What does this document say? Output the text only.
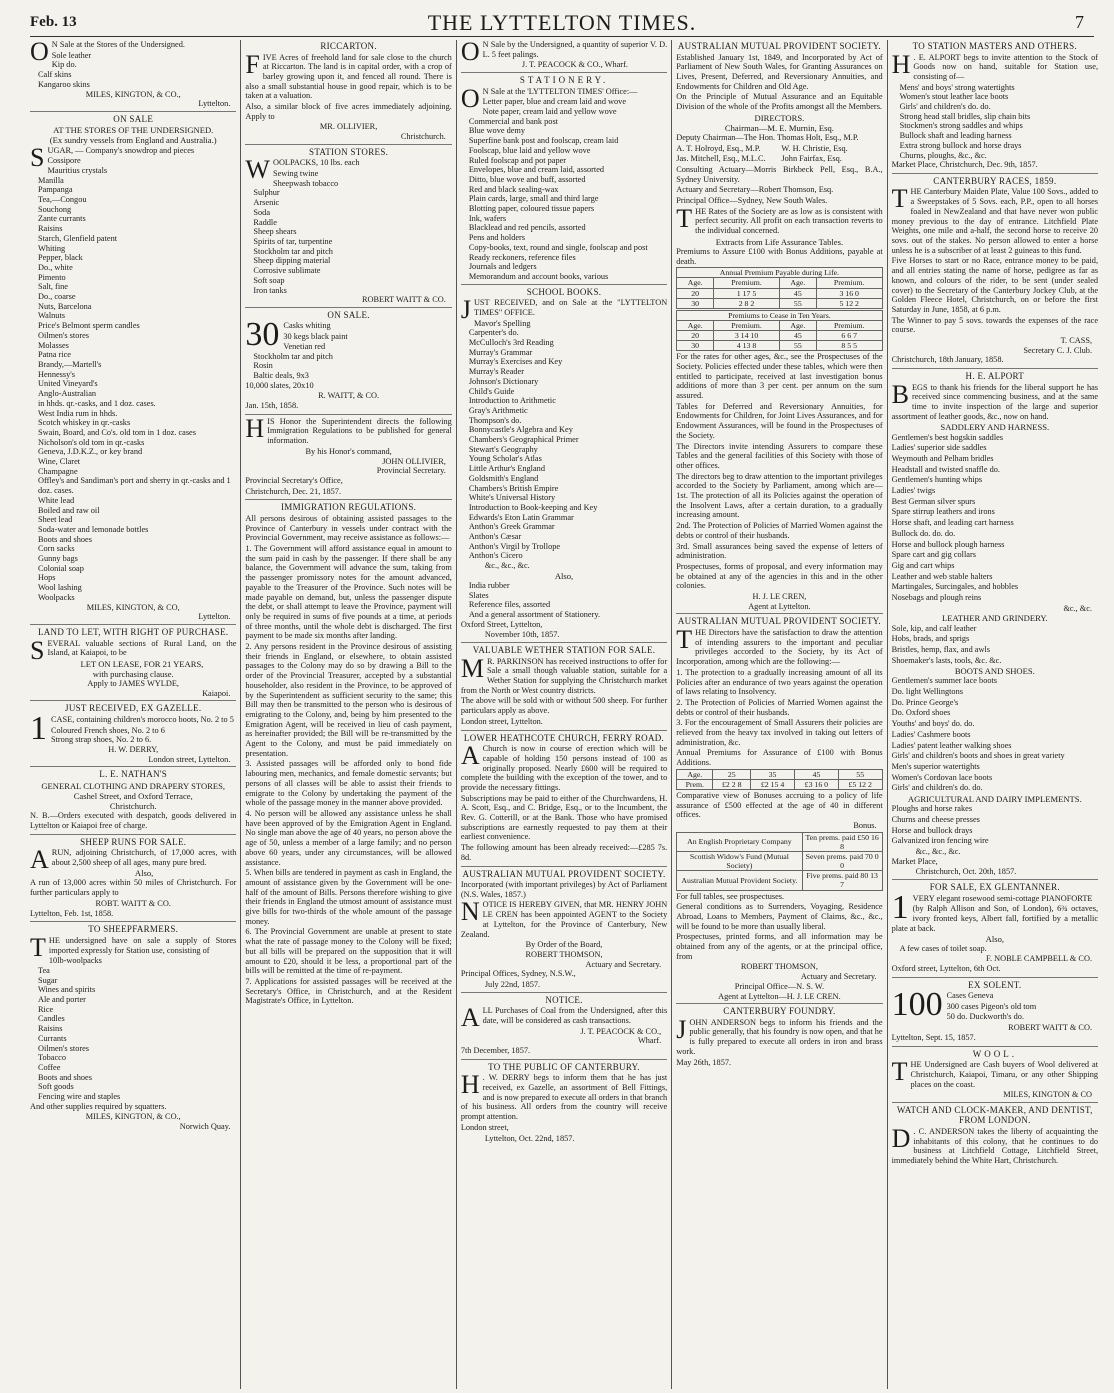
Feb. 13	THE LYTTELTON TIMES.	7
O N Sale at the Stores of the Undersigned.

Sole leather

Kip do.

Calf skins

Kangaroo skins

MILES, KINGTON, & CO.,

Lyttelton.

ON SALE
AT THE STORES OF THE UNDERSIGNED.
(Ex sundry vessels from England and Australia.)
S UGAR, — Company's snowdrop and pieces

Cossipore

Mauritius crystals

Manilla

Pampanga

Tea,—Congou

Souchong

Zante currants

Raisins

Starch, Glenfield patent

Whiting

Pepper, black

Do., white

Pimento

Salt, fine

Do., coarse

Nuts, Barcelona

Walnuts

Price's Belmont sperm candles

Oilmen's stores

Molasses

Patna rice

Brandy,—Martell's

Hennessy's

United Vineyard's

Anglo-Australian

in hhds. qr.-casks, and 1 doz. cases.

West India rum in hhds.

Scotch whiskey in qr.-casks

Swain, Board, and Co's. old tom in 1 doz. cases

Nicholson's old tom in qr.-casks

Geneva, J.D.K.Z., or key brand

Wine, Claret

Champagne

Offley's and Sandiman's port and sherry in qr.-casks and 1 doz. cases.

White lead

Boiled and raw oil

Sheet lead

Soda-water and lemonade bottles

Boots and shoes

Corn sacks

Gunny bags

Colonial soap

Hops

Wool lashing

Woolpacks

MILES, KINGTON, & CO,

Lyttelton.

LAND TO LET, WITH RIGHT OF PURCHASE.
S EVERAL valuable sections of Rural Land, on the Island, at Kaiapoi, to be

LET ON LEASE, FOR 21 YEARS,
with purchasing clause.

Apply to JAMES WYLDE,

Kaiapoi.

JUST RECEIVED, EX GAZELLE.
1 CASE, containing children's morocco boots, No. 2 to 5

Coloured French shoes, No. 2 to 6

Strong strap shoes, No. 2 to 6.

H. W. DERRY,

London street, Lyttelton.

L. E. NATHAN'S
GENERAL CLOTHING AND DRAPERY STORES,
Cashel Street, and Oxford Terrace,
Christchurch.

N. B.—Orders executed with despatch, goods delivered in Lyttelton or Kaiapoi free of charge.

SHEEP RUNS FOR SALE.
A RUN, adjoining Christchurch, of 17,000 acres, with about 2,500 sheep of all ages, many pure bred.

Also,

A run of 13,000 acres within 50 miles of Christchurch. For further particulars apply to

ROBT. WAITT & CO.

Lyttelton, Feb. 1st, 1858.

TO SHEEPFARMERS.
T HE undersigned have on sale a supply of Stores imported expressly for Station use, consisting of

10lb-woolpacks

Tea

Sugar

Wines and spirits

Ale and porter

Rice

Candles

Raisins

Currants

Oilmen's stores

Tobacco

Coffee

Boots and shoes

Soft goods

Fencing wire and staples

And other supplies required by squatters.

MILES, KINGTON, & CO.,

Norwich Quay.

RICCARTON.
F IVE Acres of freehold land for sale close to the church at Riccarton. The land is in capital order, with a crop of barley growing upon it, and fenced all round. There is also a small substantial house in good repair, which is to be taken at a valuation.

Also, a similar block of five acres immediately adjoining. Apply to

MR. OLLIVIER,

Christchurch.

STATION STORES.
W OOLPACKS, 10 lbs. each

Sewing twine

Sheepwash tobacco

Sulphur

Arsenic

Soda

Raddle

Sheep shears

Spirits of tar, turpentine

Stockholm tar and pitch

Sheep dipping material

Corrosive sublimate

Soft soap

Iron tanks

ROBERT WAITT & CO.

ON SALE.
30 Casks whiting

30 kegs black paint

Venetian red

Stockholm tar and pitch

Rosin

Baltic deals, 9x3

10,000 slates, 20x10

R. WAITT, & CO.

Jan. 15th, 1858.

H IS Honor the Superintendent directs the following Immigration Regulations to be published for general information.

By his Honor's command,

JOHN OLLIVIER,

Provincial Secretary.

Provincial Secretary's Office,

Christchurch, Dec. 21, 1857.

IMMIGRATION REGULATIONS.

All persons desirous of obtaining assisted passages to the Province of Canterbury in vessels under contract with the Provincial Government, may receive assistance as follows:—

1. The Government will afford assistance equal in amount to the sum paid in cash by the passenger. If there shall be any balance, the Government will advance the sum, taking from the passenger promissory notes for the amount advanced, payable to the Treasurer of the Province. Such notes will be made payable on demand, but, unless the passenger dispute the debt, or shall attempt to leave the Province, payment will only be required in sums of five pounds at a time, at periods of three months, until the whole debt is discharged. The first payment to be made six months after landing.

2. Any persons resident in the Province desirous of assisting their friends in England, or elsewhere, to obtain assisted passages to the Colony may do so by drawing a Bill to the order of the Provincial Treasurer, accepted by a substantial householder, also resident in the Province, to be approved of by the Superintendent as sufficient security to the same; this Bill may then be transmitted to the person who is desirous of emigrating to the Colony, and, being by him presented to the Emigration Agent, will be received in lieu of cash payment, as hereinafter provided; the Bill will be re-transmitted by the Agent to the Colony, and must be paid immediately on presentation.

3. Assisted passages will be afforded only to bond fide labouring men, mechanics, and female domestic servants; but persons of all classes will be able to assist their friends to emigrate to the Colony by undertaking the payment of the whole of the passage money in the manner above provided.

4. No person will be allowed any assistance unless he shall have been approved of by the Emigration Agent in England. No single man above the age of 40 years, no person above the age of 50, unless a member of a large family; and no person above 60 years, under any circumstances, will be allowed assistance.

5. When bills are tendered in payment as cash in England, the amount of assistance given by the Government will be one-half of the amount of Bills. Persons therefore wishing to give their friends in England the utmost amount of assistance must give bills for two-thirds of the whole amount of the passage money.

6. The Provincial Government are unable at present to state what the rate of passage money to the Colony will be fixed; but all bills will be prepared on the supposition that it will amount to £20, should it be less, a proportional part of the bills will be remitted at the time of re-payment.

7. Applications for assisted passages will be received at the Secretary's Office, in Christchurch, and at the Resident Magistrate's Office, in Lyttelton.

O N Sale by the Undersigned, a quantity of superior V. D. L. 5 feet palings.

J. T. PEACOCK & CO., Wharf.

STATIONERY.
O N Sale at the 'LYTTELTON TIMES' Office:—

Letter paper, blue and cream laid and wove

Note paper, cream laid and yellow wove

Commercial and bank post

Blue wove demy

Superfine bank post and foolscap, cream laid

Foolscap, blue laid and yellow wove

Ruled foolscap and pot paper

Envelopes, blue and cream laid, assorted

Ditto, blue wove and buff, assorted

Red and black sealing-wax

Plain cards, large, small and third large

Blotting paper, coloured tissue papers

Ink, wafers

Blacklead and red pencils, assorted

Pens and holders

Copy-books, text, round and single, foolscap and post

Ready reckoners, reference files

Journals and ledgers

Memorandum and account books, various

SCHOOL BOOKS.
J UST RECEIVED, and on Sale at the "LYTTELTON TIMES" OFFICE.

Mavor's Spelling

Carpenter's do.

McCulloch's 3rd Reading

Murray's Grammar

Murray's Exercises and Key

Murray's Reader

Johnson's Dictionary

Child's Guide

Introduction to Arithmetic

Gray's Arithmetic

Thompson's do.

Bonnycastle's Algebra and Key

Chambers's Geographical Primer

Stewart's Geography

Young Scholar's Atlas

Little Arthur's England

Goldsmith's England

Chambers's British Empire

White's Universal History

Introduction to Book-keeping and Key

Edwards's Eton Latin Grammar

Anthon's Greek Grammar

Anthon's Cæsar

Anthon's Virgil by Trollope

Anthon's Cicero

&c., &c., &c.

Also,

India rubber

Slates

Reference files, assorted

And a general assortment of Stationery.

Oxford Street, Lyttelton,

November 10th, 1857.

VALUABLE WETHER STATION FOR SALE.
M R. PARKINSON has received instructions to offer for Sale a small though valuable station, suitable for a Wether Station for supplying the Christchurch market from the North or West country districts.

The above will be sold with or without 500 sheep. For further particulars apply as above.

London street, Lyttelton.

LOWER HEATHCOTE CHURCH, FERRY ROAD.
A Church is now in course of erection which will be capable of holding 150 persons instead of 100 as originally proposed. Nearly £600 will be required to complete the building with the exception of the tower, and to provide the necessary fittings.

Subscriptions may be paid to either of the Churchwardens, H. A. Scott, Esq., and C. Bridge, Esq., or to the Incumbent, the Rev. G. Cotterill, or at the Bank. Those who have promised subscriptions are earnestly requested to pay them at their earliest convenience.

The following amount has been already received:—£285 7s. 8d.

AUSTRALIAN MUTUAL PROVIDENT SOCIETY.

Incorporated (with important privileges) by Act of Parliament (N.S. Wales, 1857.)

N OTICE IS HEREBY GIVEN, that MR. HENRY JOHN LE CREN has been appointed AGENT to the Society at Lyttelton, for the Province of Canterbury, New Zealand.

By Order of the Board,

ROBERT THOMSON,

Actuary and Secretary.

Principal Offices, Sydney, N.S.W.,

July 22nd, 1857.

NOTICE.
A LL Purchases of Coal from the Undersigned, after this date, will be considered as cash transactions.

J. T. PEACOCK & CO.,

Wharf.

7th December, 1857.

TO THE PUBLIC OF CANTERBURY.
H . W. DERRY begs to inform them that he has just received, ex Gazelle, an assortment of Bell Fittings, and is now prepared to execute all orders in that branch of his business. All orders from the country will receive prompt attention.

London street,

Lyttelton, Oct. 22nd, 1857.

AUSTRALIAN MUTUAL PROVIDENT SOCIETY.

Established January 1st, 1849, and Incorporated by Act of Parliament of New South Wales, for Granting Assurances on Lives, Present, Deferred, and Reversionary Annuities, and Endowments for Children and Old Age.

On the Principle of Mutual Assurance and an Equitable Division of the whole of the Profits amongst all the Members.

DIRECTORS.
Chairman—M. E. Murnin, Esq.

Deputy Chairman—The Hon. Thomas Holt, Esq., M.P.

A. T. Holroyd, Esq., M.P.

Jas. Mitchell, Esq., M.L.C.

W. H. Christie, Esq.

John Fairfax, Esq.

Consulting Actuary—Morris Birkbeck Pell, Esq., B.A., Sydney University.

Actuary and Secretary—Robert Thomson, Esq.

Principal Office—Sydney, New South Wales.

T HE Rates of the Society are as low as is consistent with perfect security. All profit on each transaction reverts to the individual concerned.

Extracts from Life Assurance Tables.

Premiums to Assure £100 with Bonus Additions, payable at death.

Annual Premium Payable during Life.			
Age.	Premium.	Age.	Premium.
20	1 17 5	45	3 16 0
30	2 8 2	55	5 12 2
Premiums to Cease in Ten Years.			
Age.	Premium.	Age.	Premium.
20	3 14 10	45	6 6 7
30	4 13 8	55	8 5 5

For the rates for other ages, &c., see the Prospectuses of the Society. Policies effected under these tables, which were then entitled to participate, received at last investigation bonus additions of more than 3 per cent. per annum on the sum assured.

Tables for Deferred and Reversionary Annuities, for Endowments for Children, for Joint Lives Assurances, and for Endowment Assurances, will be found in the Prospectuses of the Society.

The Directors invite intending Assurers to compare these Tables and the general facilities of this Society with those of other offices.

The directors beg to draw attention to the important privileges accorded to the Society by Parliament, among which are—1st. The protection of all its Policies against the operation of the Insolvent Laws, after a certain duration, to a gradually increasing amount.

2nd. The Protection of Policies of Married Women against the debts or control of their husbands.

3rd. Small assurances being saved the expense of letters of administration.

Prospectuses, forms of proposal, and every information may be obtained at any of the agencies in this and in the other colonies.

H. J. LE CREN,

Agent at Lyttelton.

AUSTRALIAN MUTUAL PROVIDENT SOCIETY.
T HE Directors have the satisfaction to draw the attention of intending assurers to the important and peculiar privileges accorded to the Society, by its Act of Incorporation, among which are the following:—

1. The protection to a gradually increasing amount of all its Policies after an endurance of two years against the operation of laws relating to Insolvency.

2. The Protection of Policies of Married Women against the debts or control of their husbands.

3. For the encouragement of Small Assurers their policies are relieved from the heavy tax involved in taking out letters of administration, &c.

Annual Premiums for Assurance of £100 with Bonus Additions.

Age.	25	35	45	55
Prem.	£2 2 8	£2 15 4	£3 16 0	£5 12 2

Comparative view of Bonuses accruing to a policy of life assurance of £500 effected at the age of 40 in different offices.

Bonus.

An English Proprietary Company	Ten prems. paid £50 16 8
Scottish Widow's Fund (Mutual Society)	Seven prems. paid 70 0 0
Australian Mutual Provident Society.	Five prems. paid 80 13 7

For full tables, see prospectuses.

General conditions as to Surrenders, Voyaging, Residence Abroad, Loans to Members, Payment of Claims, &c., &c., will be found to be more than usually liberal.

Prospectuses, printed forms, and all information may be obtained from any of the agents, or at the principal office, from

ROBERT THOMSON,

Actuary and Secretary.

Principal Office—N. S. W.

Agent at Lyttelton—H. J. LE CREN.

CANTERBURY FOUNDRY.
J OHN ANDERSON begs to inform his friends and the public generally, that his foundry is now open, and that he is fully prepared to execute all orders in iron and brass work.

May 26th, 1857.

TO STATION MASTERS AND OTHERS.
H . E. ALPORT begs to invite attention to the Stock of Goods now on hand, suitable for Station use, consisting of—

Mens' and boys' strong watertights

Women's stout leather lace boots

Girls' and children's do. do.

Strong head stall bridles, slip chain bits

Stockmen's strong saddles and whips

Bullock shaft and leading harness

Extra strong bullock and horse drays

Churns, ploughs, &c., &c.

Market Place, Christchurch, Dec. 9th, 1857.

CANTERBURY RACES, 1859.
T HE Canterbury Maiden Plate, Value 100 Sovs., added to a Sweepstakes of 5 Sovs. each, P.P., open to all horses foaled in NewZealand and that have never won public money previous to the day of entrance. Litchfield Plate Weights, one mile and a-half, the second horse to receive 20 sovs. out of the stakes. No person allowed to enter a horse unless he is a subscriber of at least 2 guineas to this fund.

Five Horses to start or no Race, entrance money to be paid, and all entries stating the name of horse, pedigree as far as known, and colours of the rider, to be sent (under sealed cover) to the Secretary of the Canterbury Jockey Club, at the Golden Fleece Hotel, Christchurch, on or before the first Saturday in June, 1858, at 6 p.m.

The Winner to pay 5 sovs. towards the expenses of the race course.

T. CASS,

Secretary C. J. Club.

Christchurch, 18th January, 1858.

H. E. ALPORT
B EGS to thank his friends for the liberal support he has received since commencing business, and at the same time to invite inspection of the large and superior assortment of leather goods, &c., now on hand.

SADDLERY AND HARNESS.

Gentlemen's best hogskin saddles

Ladies' superior side saddles

Weymouth and Pelham bridles

Headstall and twisted snaffle do.

Gentlemen's hunting whips

Ladies' twigs

Best German silver spurs

Spare stirrup leathers and irons

Horse shaft, and leading cart harness

Bullock do. do. do.

Horse and bullock plough harness

Spare cart and gig collars

Gig and cart whips

Leather and web stable halters

Martingales, Surcingales, and hobbles

Nosebags and plough reins

&c., &c.

LEATHER AND GRINDERY.

Sole, kip, and calf leather

Hobs, brads, and sprigs

Bristles, hemp, flax, and awls

Shoemaker's lasts, tools, &c. &c.

BOOTS AND SHOES.

Gentlemen's summer lace boots

Do. light Wellingtons

Do. Prince George's

Do. Oxford shoes

Youths' and boys' do. do.

Ladies' Cashmere boots

Ladies' patent leather walking shoes

Girls' and children's boots and shoes in great variety

Men's superior watertights

Women's Cordovan lace boots

Girls' and children's do. do.

AGRICULTURAL AND DAIRY IMPLEMENTS.

Ploughs and horse rakes

Churns and cheese presses

Horse and bullock drays

Galvanized iron fencing wire

&c., &c., &c.

Market Place,

Christchurch, Oct. 20th, 1857.

FOR SALE, EX GLENTANNER.
1 VERY elegant rosewood semi-cottage PIANOFORTE

(by Ralph Allison and Son, of London), 6¾ octaves, ivory fronted keys, Albert fall, fortified by a metallic plate at back.

Also,

A few cases of toilet soap.

F. NOBLE CAMPBELL & CO.

Oxford street, Lyttelton, 6th Oct.

EX SOLENT.
100 Cases Geneva

300 cases Pigeon's old tom

50 do. Duckworth's do.

ROBERT WAITT & CO.

Lyttelton, Sept. 15, 1857.

WOOL.
T HE Undersigned are Cash buyers of Wool delivered at Christchurch, Kaiapoi, Timaru, or any other Shipping places on the coast.

MILES, KINGTON & CO

WATCH AND CLOCK-MAKER, AND DENTIST, FROM LONDON.
D . C. ANDERSON takes the liberty of acquainting the inhabitants of this colony, that he continues to do business at Litchfield Cottage, Litchfield Street, immediately behind the White Hart, Christchurch.
